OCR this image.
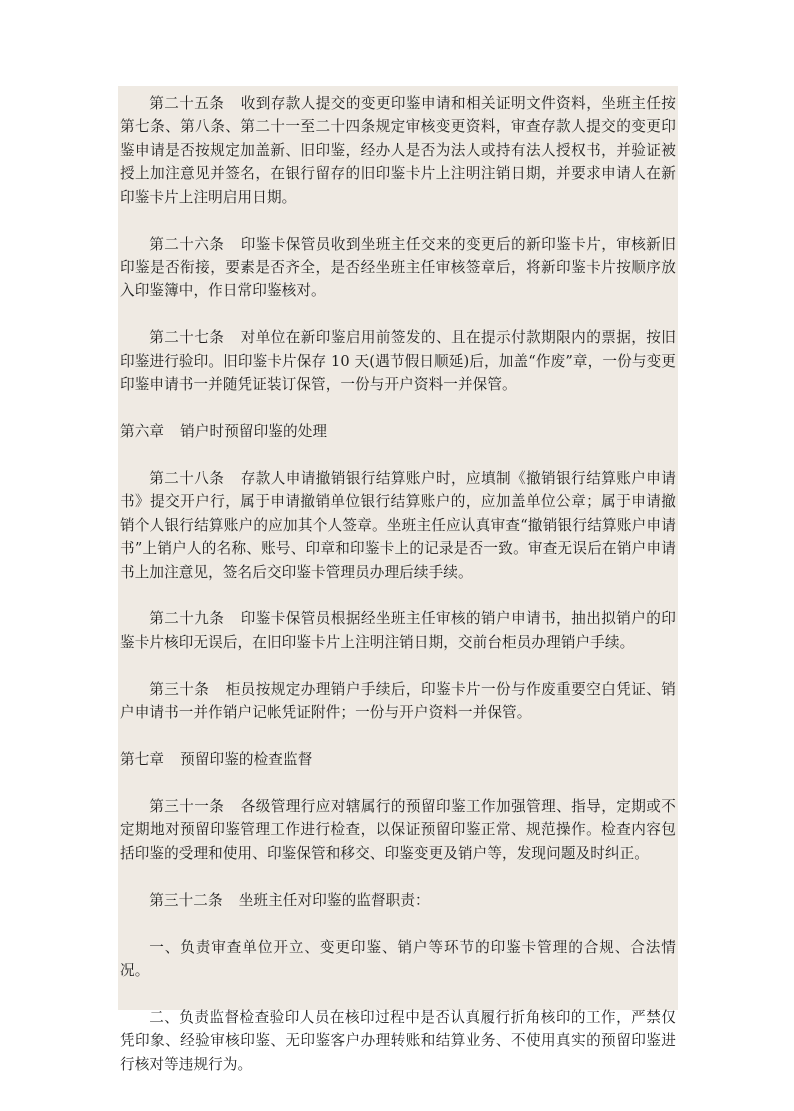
第二十五条 收到存款人提交的变更印鉴申请和相关证明文件资料，坐班主任按第七条、第八条、第二十一至二十四条规定审核变更资料，审查存款人提交的变更印鉴申请是否按规定加盖新、旧印鉴，经办人是否为法人或持有法人授权书，并验证被授上加注意见并签名，在银行留存的旧印鉴卡片上注明注销日期，并要求申请人在新印鉴卡片上注明启用日期。

第二十六条 印鉴卡保管员收到坐班主任交来的变更后的新印鉴卡片，审核新旧印鉴是否衔接，要素是否齐全，是否经坐班主任审核签章后，将新印鉴卡片按顺序放入印鉴簿中，作日常印鉴核对。

第二十七条 对单位在新印鉴启用前签发的、且在提示付款期限内的票据，按旧印鉴进行验印。旧印鉴卡片保存 10 天(遇节假日顺延)后，加盖“作废”章，一份与变更印鉴申请书一并随凭证装订保管，一份与开户资料一并保管。

第六章 销户时预留印鉴的处理

第二十八条 存款人申请撤销银行结算账户时，应填制《撤销银行结算账户申请书》提交开户行，属于申请撤销单位银行结算账户的，应加盖单位公章；属于申请撤销个人银行结算账户的应加其个人签章。坐班主任应认真审查“撤销银行结算账户申请书”上销户人的名称、账号、印章和印鉴卡上的记录是否一致。审查无误后在销户申请书上加注意见，签名后交印鉴卡管理员办理后续手续。

第二十九条 印鉴卡保管员根据经坐班主任审核的销户申请书，抽出拟销户的印鉴卡片核印无误后，在旧印鉴卡片上注明注销日期，交前台柜员办理销户手续。

第三十条 柜员按规定办理销户手续后，印鉴卡片一份与作废重要空白凭证、销户申请书一并作销户记帐凭证附件；一份与开户资料一并保管。

第七章 预留印鉴的检查监督

第三十一条 各级管理行应对辖属行的预留印鉴工作加强管理、指导，定期或不定期地对预留印鉴管理工作进行检查，以保证预留印鉴正常、规范操作。检查内容包括印鉴的受理和使用、印鉴保管和移交、印鉴变更及销户等，发现问题及时纠正。

第三十二条 坐班主任对印鉴的监督职责：

一、负责审查单位开立、变更印鉴、销户等环节的印鉴卡管理的合规、合法情况。

二、负责监督检查验印人员在核印过程中是否认真履行折角核印的工作，严禁仅凭印象、经验审核印鉴、无印鉴客户办理转账和结算业务、不使用真实的预留印鉴进行核对等违规行为。
